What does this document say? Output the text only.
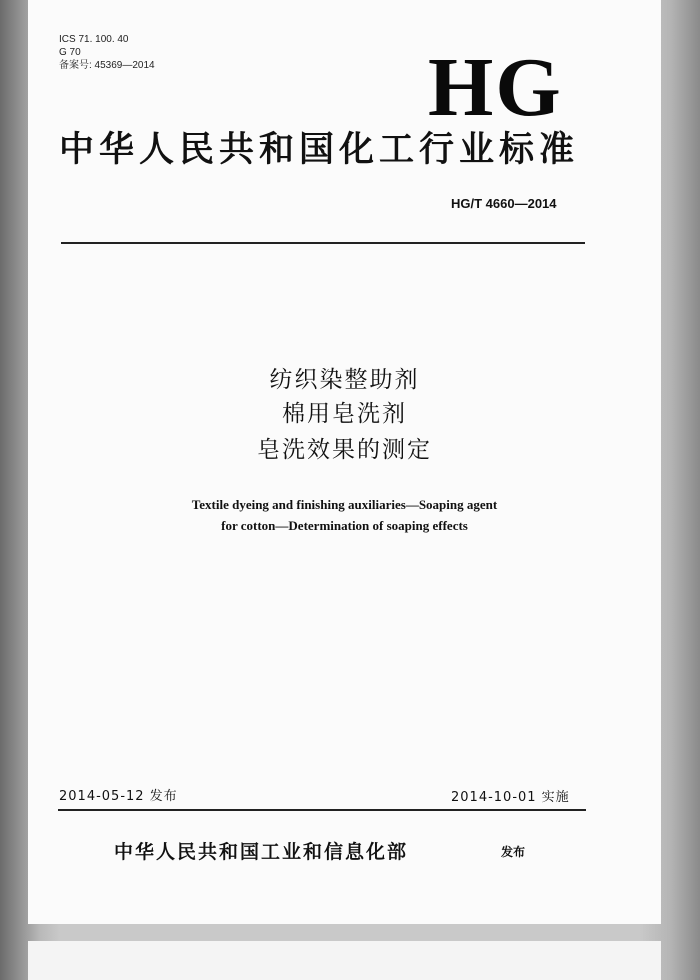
ICS 71. 100. 40
G 70
备案号: 45369—2014	HG
中华人民共和国化工行业标准
HG/T 4660—2014
纺织染整助剂
棉用皂洗剂
皂洗效果的测定
Textile dyeing and finishing auxiliaries—Soaping agent
for cotton—Determination of soaping effects
2014-05-12 发布	2014-10-01 实施
中华人民共和国工业和信息化部	发布
